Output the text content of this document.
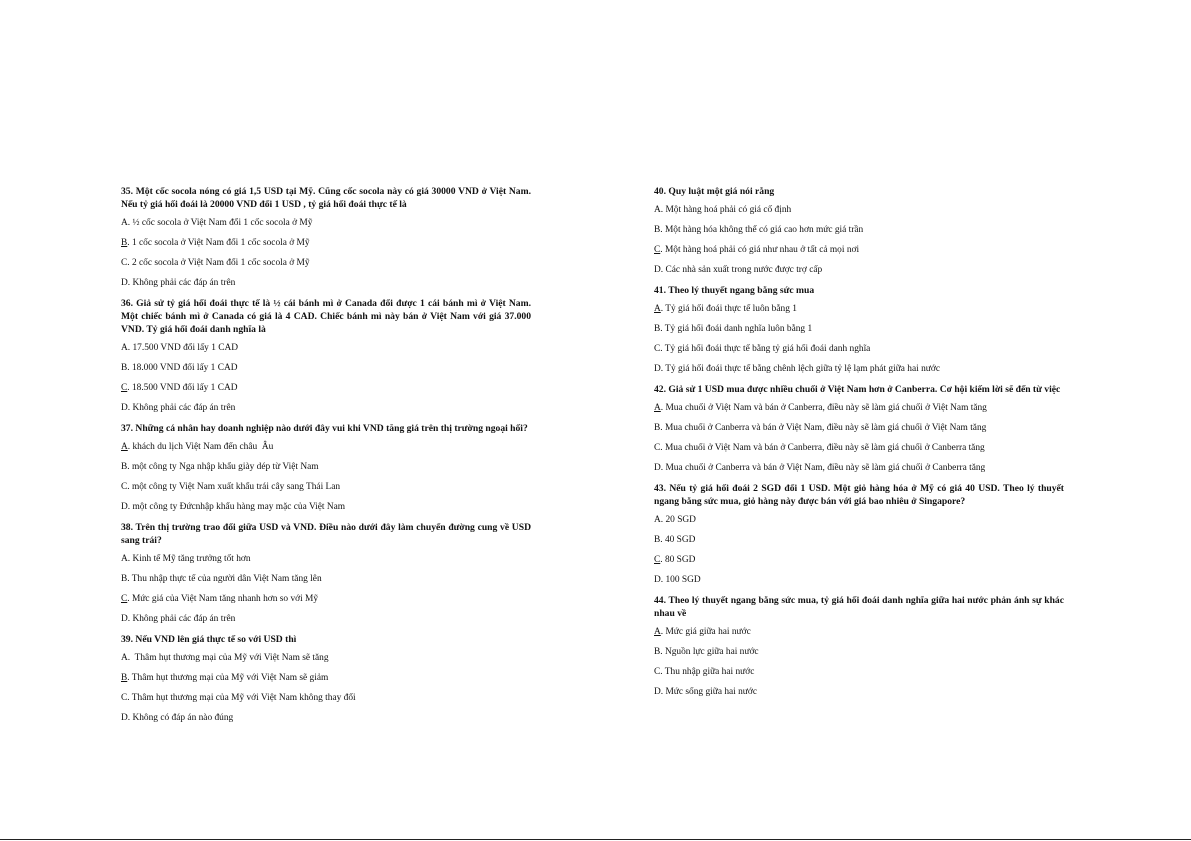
35. Một cốc socola nóng có giá 1,5 USD tại Mỹ. Cũng cốc socola này có giá 30000 VND ở Việt Nam. Nếu tỷ giá hối đoái là 20000 VND đổi 1 USD , tỷ giá hối đoái thực tế là
A. ½ cốc socola ở Việt Nam đổi 1 cốc socola ở Mỹ
B . 1 cốc socola ở Việt Nam đổi 1 cốc socola ở Mỹ
C. 2 cốc socola ở Việt Nam đổi 1 cốc socola ở Mỹ
D. Không phải các đáp án trên
36. Giả sử tỷ giá hối đoái thực tế là ½ cái bánh mì ở Canada đổi được 1 cái bánh mì ở Việt Nam. Một chiếc bánh mì ở Canada có giá là 4 CAD. Chiếc bánh mì này bán ở Việt Nam với giá 37.000 VND. Tỷ giá hối đoái danh nghĩa là
A. 17.500 VND đổi lấy 1 CAD
B. 18.000 VND đổi lấy 1 CAD
C . 18.500 VND đổi lấy 1 CAD
D. Không phải các đáp án trên
37. Những cá nhân hay doanh nghiệp nào dưới đây vui khi VND tăng giá trên thị trường ngoại hối?
A . khách du lịch Việt Nam đến châu  Âu
B. một công ty Nga nhập khẩu giày dép từ Việt Nam
C. một công ty Việt Nam xuất khẩu trái cây sang Thái Lan
D. một công ty Đứcnhập khẩu hàng may mặc của Việt Nam
38. Trên thị trường trao đổi giữa USD và VND. Điều nào dưới đây làm chuyển đường cung về USD sang trái?
A. Kinh tế Mỹ tăng trưởng tốt hơn
B. Thu nhập thực tế của người dân Việt Nam tăng lên
C . Mức giá của Việt Nam tăng nhanh hơn so với Mỹ
D. Không phải các đáp án trên
39. Nếu VND lên giá thực tế so với USD thì
A. Thâm hụt thương mại của Mỹ với Việt Nam sẽ tăng
B . Thâm hụt thương mại của Mỹ với Việt Nam sẽ giảm
C. Thâm hụt thương mại của Mỹ với Việt Nam không thay đổi
D. Không có đáp án nào đúng
40. Quy luật một giá nói rằng
A. Một hàng hoá phải có giá cố định
B. Một hàng hóa không thể có giá cao hơn mức giá trần
C . Một hàng hoá phải có giá như nhau ở tất cả mọi nơi
D. Các nhà sản xuất trong nước được trợ cấp
41. Theo lý thuyết ngang bằng sức mua
A . Tỷ giá hối đoái thực tế luôn bằng 1
B. Tỷ giá hối đoái danh nghĩa luôn bằng 1
C. Tỷ giá hối đoái thực tế bằng tỷ giá hối đoái danh nghĩa
D. Tỷ giá hối đoái thực tế bằng chênh lệch giữa tỷ lệ lạm phát giữa hai nước
42. Giả sử 1 USD mua được nhiều chuối ở Việt Nam hơn ở Canberra. Cơ hội kiếm lời sẽ đến từ việc
A . Mua chuối ở Việt Nam và bán ở Canberra, điều này sẽ làm giá chuối ở Việt Nam tăng
B. Mua chuối ở Canberra và bán ở Việt Nam, điều này sẽ làm giá chuối ở Việt Nam tăng
C. Mua chuối ở Việt Nam và bán ở Canberra, điều này sẽ làm giá chuối ở Canberra tăng
D. Mua chuối ở Canberra và bán ở Việt Nam, điều này sẽ làm giá chuối ở Canberra tăng
43. Nếu tỷ giá hối đoái 2 SGD đổi 1 USD. Một giỏ hàng hóa ở Mỹ có giá 40 USD. Theo lý thuyết ngang bằng sức mua, giỏ hàng này được bán với giá bao nhiêu ở Singapore?
A. 20 SGD
B. 40 SGD
C . 80 SGD
D. 100 SGD
44. Theo lý thuyết ngang bằng sức mua, tỷ giá hối đoái danh nghĩa giữa hai nước phản ánh sự khác nhau về
A . Mức giá giữa hai nước
B. Nguồn lực giữa hai nước
C. Thu nhập giữa hai nước
D. Mức sống giữa hai nước
